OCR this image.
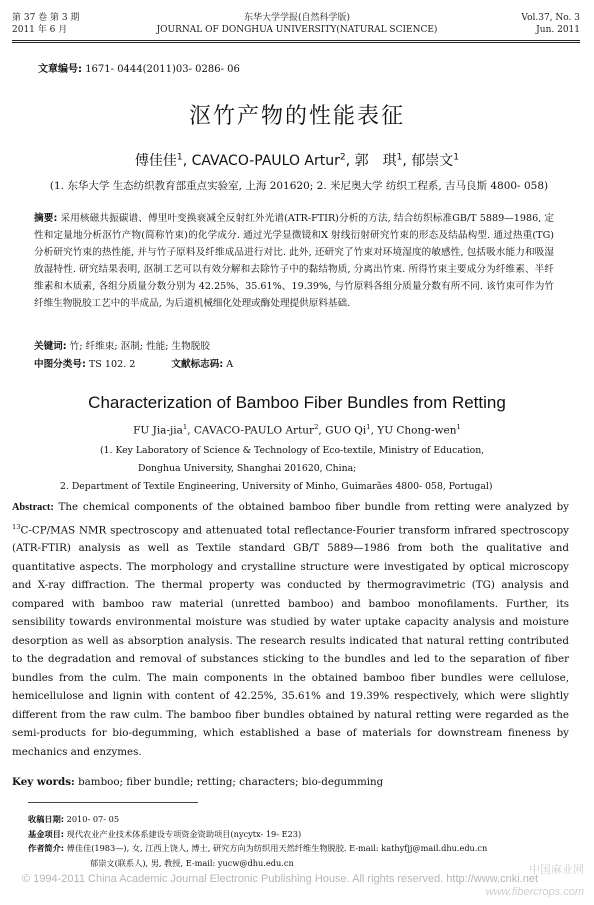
第 37 卷 第 3 期
2011 年 6 月
东华大学学报(自然科学版)
JOURNAL OF DONGHUA UNIVERSITY(NATURAL SCIENCE)
Vol.37, No. 3
Jun. 2011
文章编号: 1671- 0444(2011)03- 0286- 06
沤竹产物的性能表征
傅佳佳$^1$, CAVACO-PAULO Artur$^2$, 郭　琪$^1$, 郁崇文$^1$
(1. 东华大学 生态纺织教育部重点实验室, 上海 201620; 2. 米尼奥大学 纺织工程系, 吉马良斯 4800- 058)
摘要: 采用核磁共振碳谱、傅里叶变换衰减全反射红外光谱(ATR-FTIR)分析的方法, 结合纺织标准GB/T 5889—1986, 定性和定量地分析沤竹产物(简称竹束)的化学成分. 通过光学显微镜和X 射线衍射研究竹束的形态及结晶构型. 通过热重(TG)分析研究竹束的热性能, 并与竹子原料及纤维成品进行对比. 此外, 还研究了竹束对环境湿度的敏感性, 包括吸水能力和吸湿放湿特性. 研究结果表明, 沤制工艺可以有效分解和去除竹子中的黏结物质, 分离出竹束. 所得竹束主要成分为纤维素、半纤维素和木质素, 各组分质量分数分别为 42.25%、35.61%、19.39%, 与竹原料各组分质量分数有所不同. 该竹束可作为竹纤维生物脱胶工艺中的半成品, 为后道机械细化处理或酶处理提供原料基础.
关键词: 竹; 纤维束; 沤制; 性能; 生物脱胶
中图分类号: TS 102. 2	文献标志码: A
Characterization of Bamboo Fiber Bundles from Retting
FU Jia-jia$^1$, CAVACO-PAULO Artur$^2$, GUO Qi$^1$, YU Chong-wen$^1$
(1. Key Laboratory of Science & Technology of Eco-textile, Ministry of Education,
Donghua University, Shanghai 201620, China;
2. Department of Textile Engineering, University of Minho, Guimarães 4800- 058, Portugal)
Abstract: The chemical components of the obtained bamboo fiber bundle from retting were analyzed by $^{13}$C-CP/MAS NMR spectroscopy and attenuated total reflectance-Fourier transform infrared spectroscopy (ATR-FTIR) analysis as well as Textile standard GB/T 5889—1986 from both the qualitative and quantitative aspects. The morphology and crystalline structure were investigated by optical microscopy and X-ray diffraction. The thermal property was conducted by thermogravimetric (TG) analysis and compared with bamboo raw material (unretted bamboo) and bamboo monofilaments. Further, its sensibility towards environmental moisture was studied by water uptake capacity analysis and moisture desorption as well as absorption analysis. The research results indicated that natural retting contributed to the degradation and removal of substances sticking to the bundles and led to the separation of fiber bundles from the culm. The main components in the obtained bamboo fiber bundles were cellulose, hemicellulose and lignin with content of 42.25%, 35.61% and 19.39% respectively, which were slightly different from the raw culm. The bamboo fiber bundles obtained by natural retting were regarded as the semi-products for bio-degumming, which established a base of materials for downstream fineness by mechanics and enzymes.
Key words: bamboo; fiber bundle; retting; characters; bio-degumming
收稿日期: 2010- 07- 05
基金项目: 现代农业产业技术体系建设专项资金资助项目(nycytx- 19- E23)
作者简介: 傅佳佳(1983—), 女, 江西上饶人, 博士, 研究方向为纺织用天然纤维生物脱胶. E-mail: kathyfjj@mail.dhu.edu.cn
郁崇文(联系人), 男, 教授, E-mail: yucw@dhu.edu.cn
中国麻业网
© 1994-2011 China Academic Journal Electronic Publishing House. All rights reserved. http://www.cnki.net
www.fibercrops.com
